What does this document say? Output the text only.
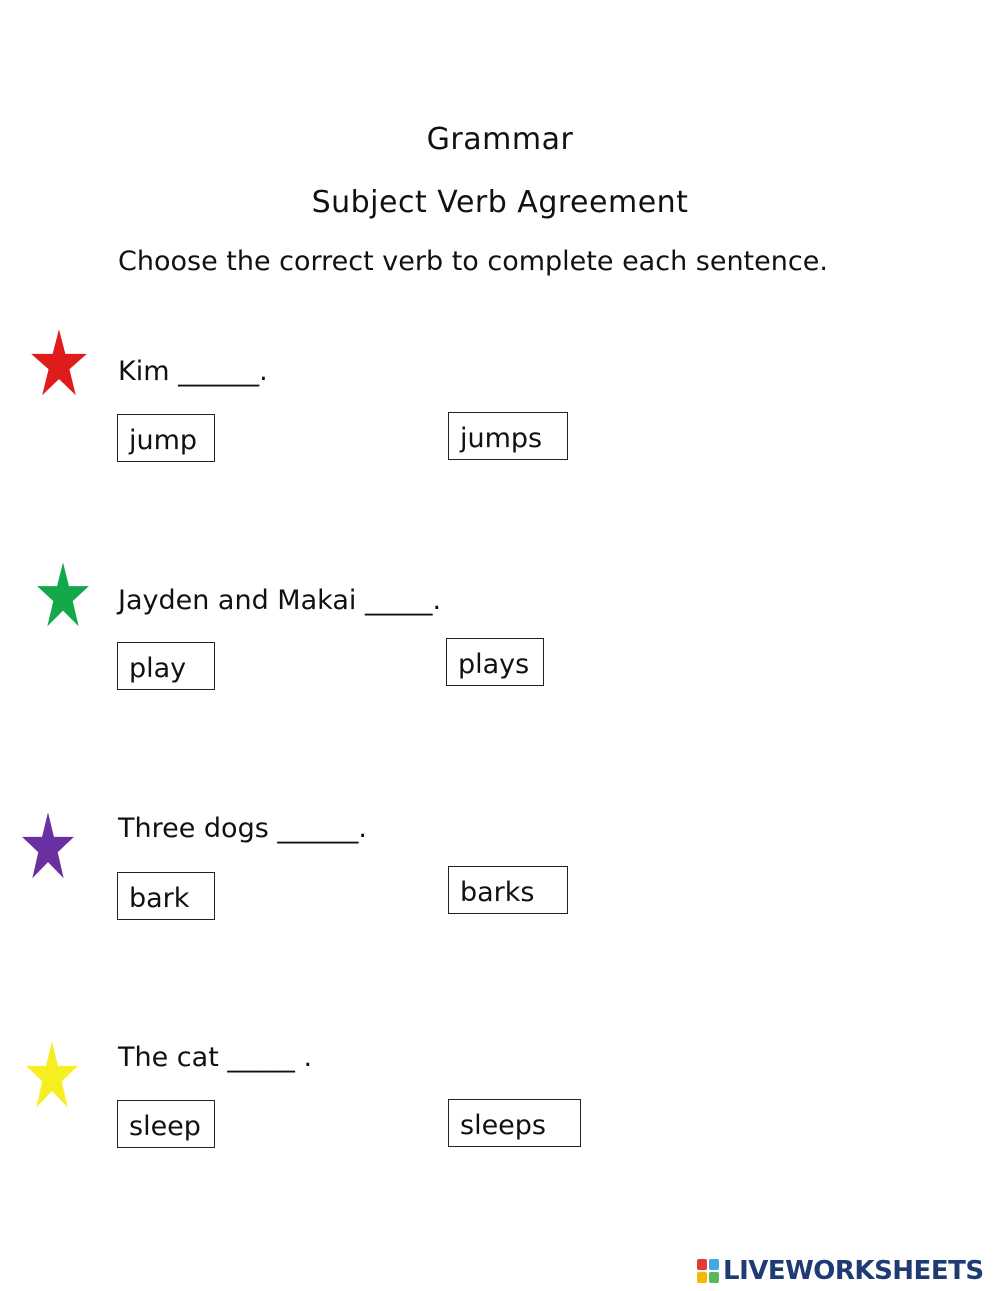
Grammar
Subject Verb Agreement
Choose the correct verb to complete each sentence.
Kim ______.
jump	jumps
Jayden and Makai _____.
play	plays
Three dogs ______.
bark	barks
The cat _____ .
sleep	sleeps
LIVEWORKSHEETS
